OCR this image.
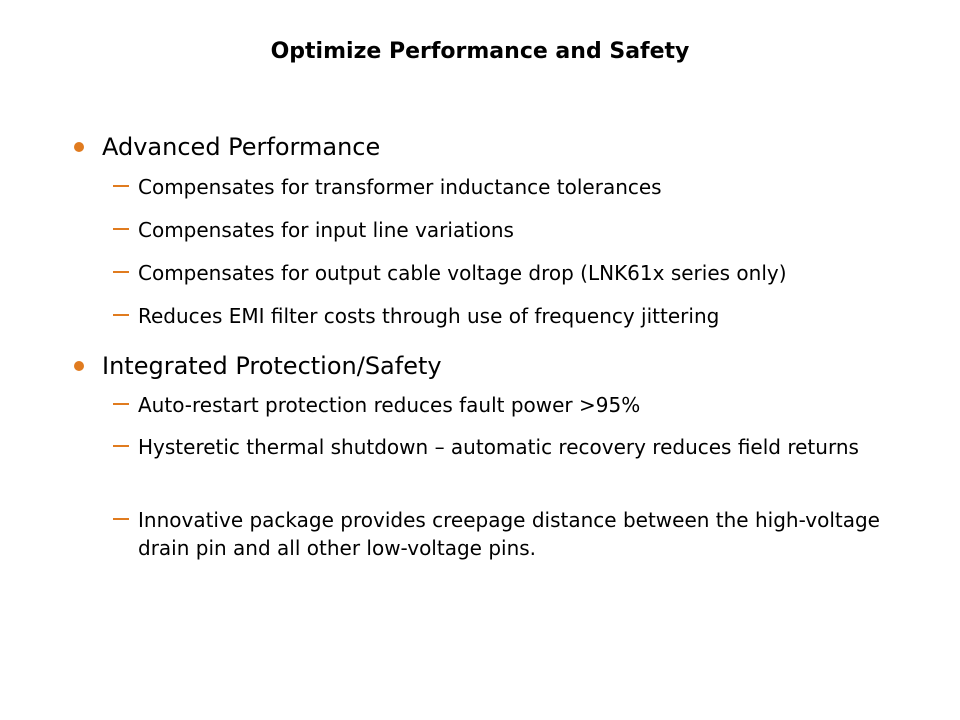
Optimize Performance and Safety
Advanced Performance
Compensates for transformer inductance tolerances
Compensates for input line variations
Compensates for output cable voltage drop (LNK61x series only)
Reduces EMI filter costs through use of frequency jittering
Integrated Protection/Safety
Auto-restart protection reduces fault power >95%
Hysteretic thermal shutdown – automatic recovery reduces field returns
Innovative package provides creepage distance between the high-voltage drain pin and all other low-voltage pins.
